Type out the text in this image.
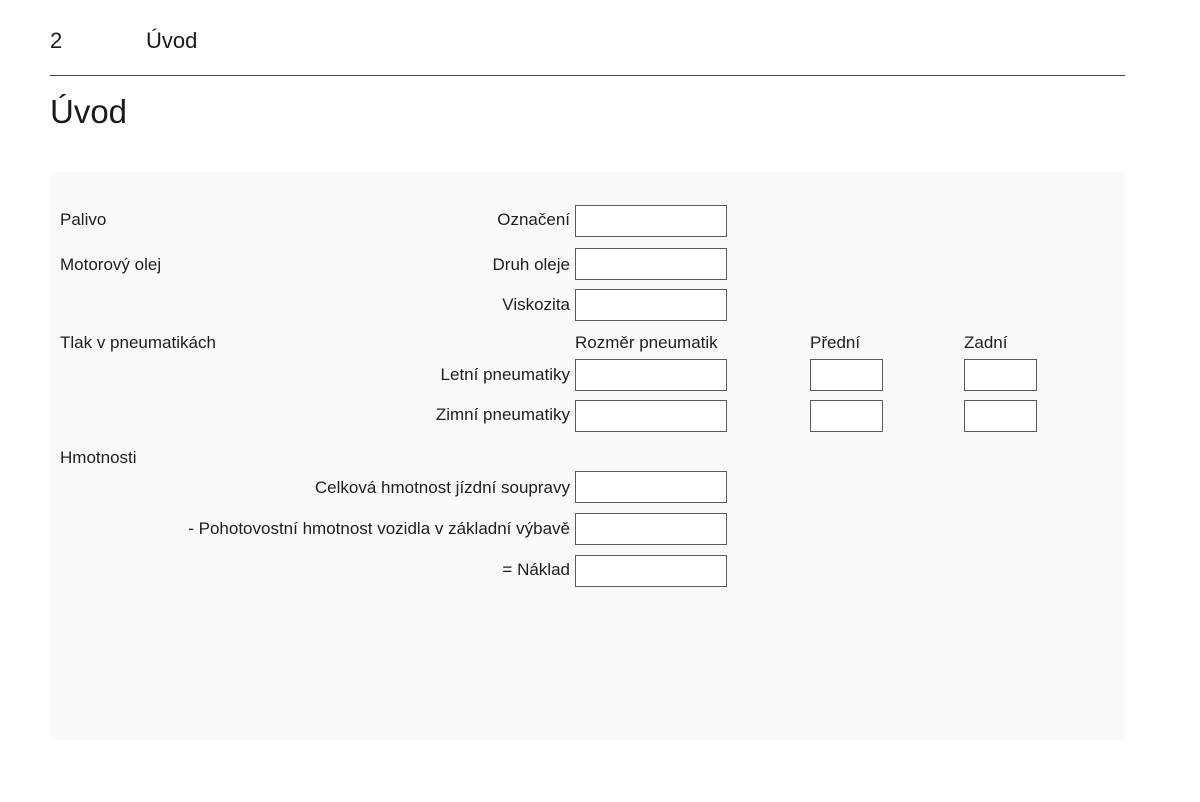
2	Úvod
Úvod
Palivo	Označení
Motorový olej	Druh oleje
Viskozita
Tlak v pneumatikách	Rozměr pneumatik	Přední	Zadní
Letní pneumatiky
Zimní pneumatiky
Hmotnosti
Celková hmotnost jízdní soupravy
- Pohotovostní hmotnost vozidla v základní výbavě
= Náklad
